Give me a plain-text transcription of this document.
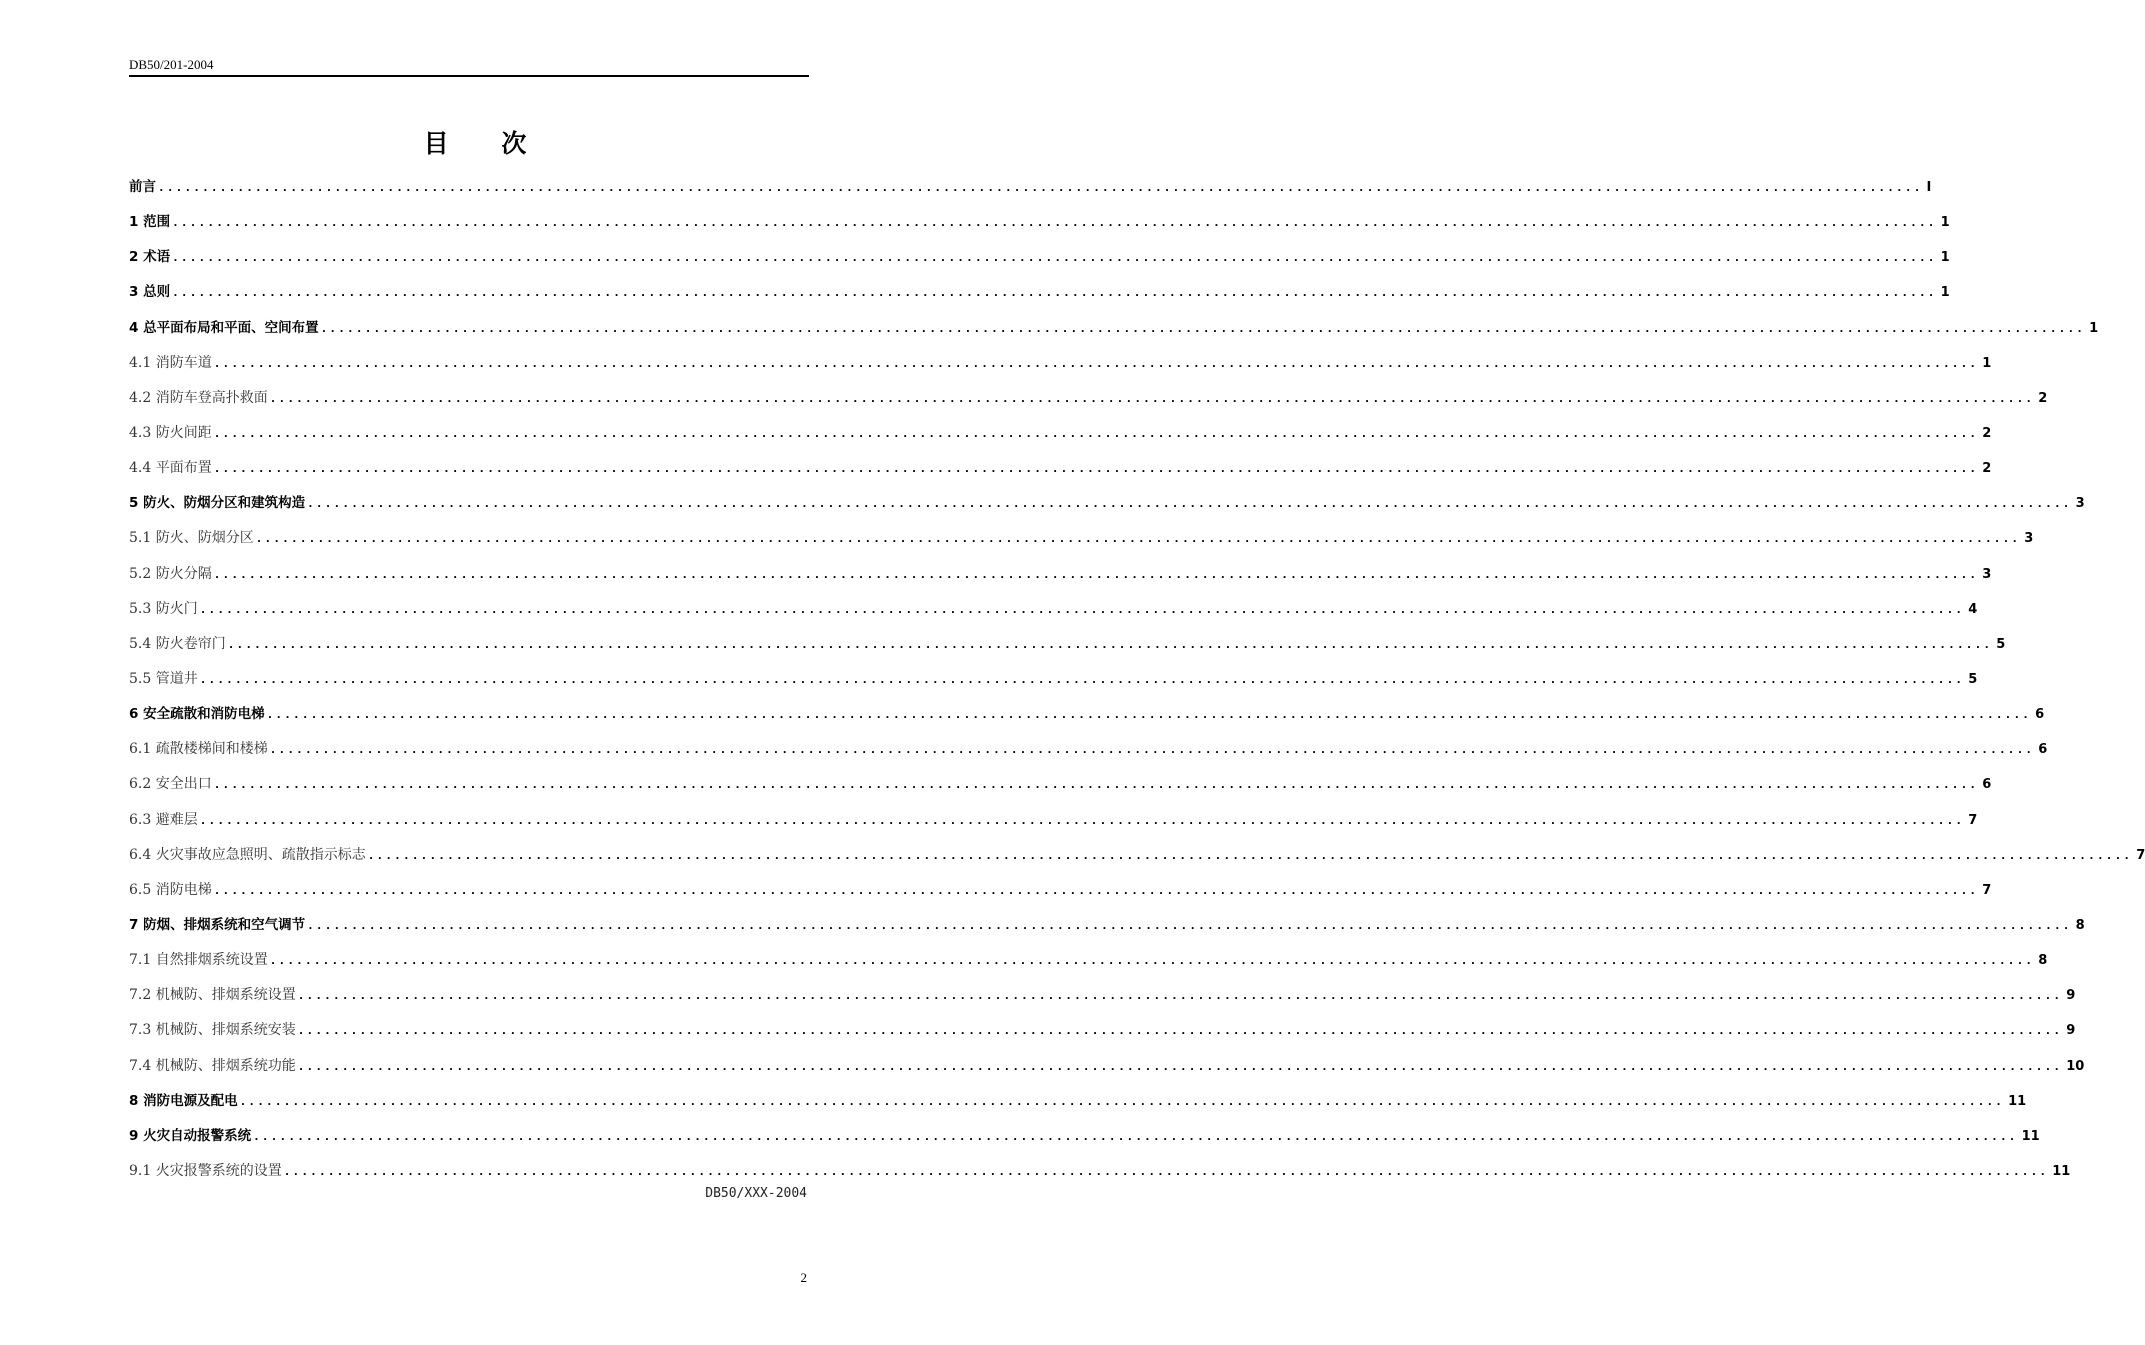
DB50/201-2004
目 次
前言 ........................................................................................................................................................................................................ I
1 范围 ........................................................................................................................................................................................................ 1
2 术语 ........................................................................................................................................................................................................ 1
3 总则 ........................................................................................................................................................................................................ 1
4 总平面布局和平面、空间布置 ........................................................................................................................................................................................................ 1
4.1 消防车道 ........................................................................................................................................................................................................ 1
4.2 消防车登高扑救面 ........................................................................................................................................................................................................ 2
4.3 防火间距 ........................................................................................................................................................................................................ 2
4.4 平面布置 ........................................................................................................................................................................................................ 2
5 防火、防烟分区和建筑构造 ........................................................................................................................................................................................................ 3
5.1 防火、防烟分区 ........................................................................................................................................................................................................ 3
5.2 防火分隔 ........................................................................................................................................................................................................ 3
5.3 防火门 ........................................................................................................................................................................................................ 4
5.4 防火卷帘门 ........................................................................................................................................................................................................ 5
5.5 管道井 ........................................................................................................................................................................................................ 5
6 安全疏散和消防电梯 ........................................................................................................................................................................................................ 6
6.1 疏散楼梯间和楼梯 ........................................................................................................................................................................................................ 6
6.2 安全出口 ........................................................................................................................................................................................................ 6
6.3 避难层 ........................................................................................................................................................................................................ 7
6.4 火灾事故应急照明、疏散指示标志 ........................................................................................................................................................................................................ 7
6.5 消防电梯 ........................................................................................................................................................................................................ 7
7 防烟、排烟系统和空气调节 ........................................................................................................................................................................................................ 8
7.1 自然排烟系统设置 ........................................................................................................................................................................................................ 8
7.2 机械防、排烟系统设置 ........................................................................................................................................................................................................ 9
7.3 机械防、排烟系统安装 ........................................................................................................................................................................................................ 9
7.4 机械防、排烟系统功能 ........................................................................................................................................................................................................ 10
8 消防电源及配电 ........................................................................................................................................................................................................ 11
9 火灾自动报警系统 ........................................................................................................................................................................................................ 11
9.1 火灾报警系统的设置 ........................................................................................................................................................................................................ 11
DB50/XXX-2004
2
